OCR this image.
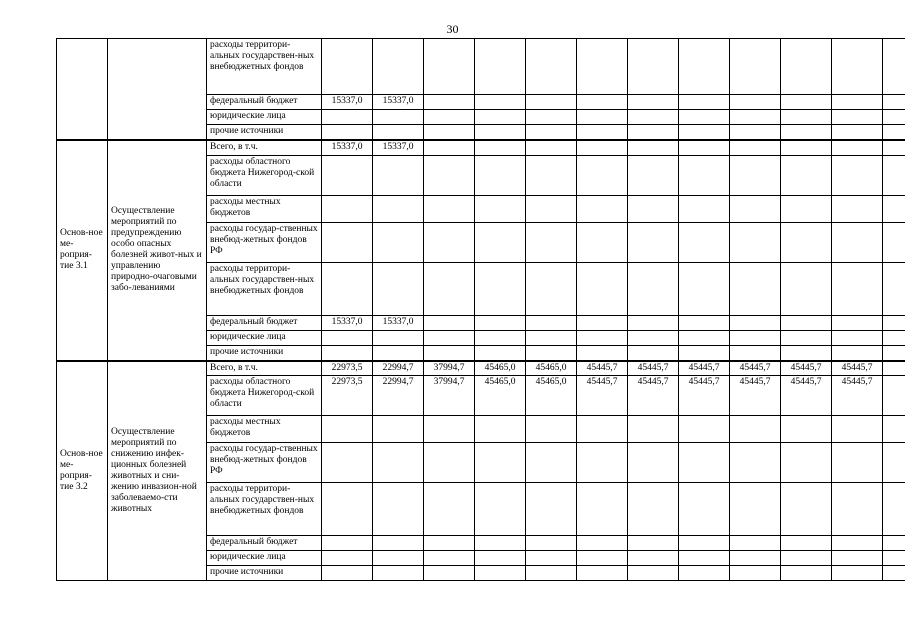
30
		расходы территори-альных государствен-ных внебюджетных фондов												
		федеральный бюджет	15337,0	15337,0										
		юридические лица												
		прочие источники												
Основ-ное ме-роприя-тие 3.1	Осуществление мероприятий по предупреждению особо опасных болезней живот-ных и управлению природно-очаговыми забо-леваниями	Всего, в т.ч.	15337,0	15337,0										
		расходы областного бюджета Нижегород-ской области												
		расходы местных бюджетов												
		расходы государ-ственных внебюд-жетных фондов РФ												
		расходы территори-альных государствен-ных внебюджетных фондов												
		федеральный бюджет	15337,0	15337,0										
		юридические лица												
		прочие источники												
Основ-ное ме-роприя-тие 3.2	Осуществление мероприятий по снижению инфек-ционных болезней животных и сни-жению инвазион-ной заболеваемо-сти животных	Всего, в т.ч.	22973,5	22994,7	37994,7	45465,0	45465,0	45445,7	45445,7	45445,7	45445,7	45445,7	45445,7	
		расходы областного бюджета Нижегород-ской области	22973,5	22994,7	37994,7	45465,0	45465,0	45445,7	45445,7	45445,7	45445,7	45445,7	45445,7	
		расходы местных бюджетов												
		расходы государ-ственных внебюд-жетных фондов РФ												
		расходы территори-альных государствен-ных внебюджетных фондов												
		федеральный бюджет												
		юридические лица												
		прочие источники												
